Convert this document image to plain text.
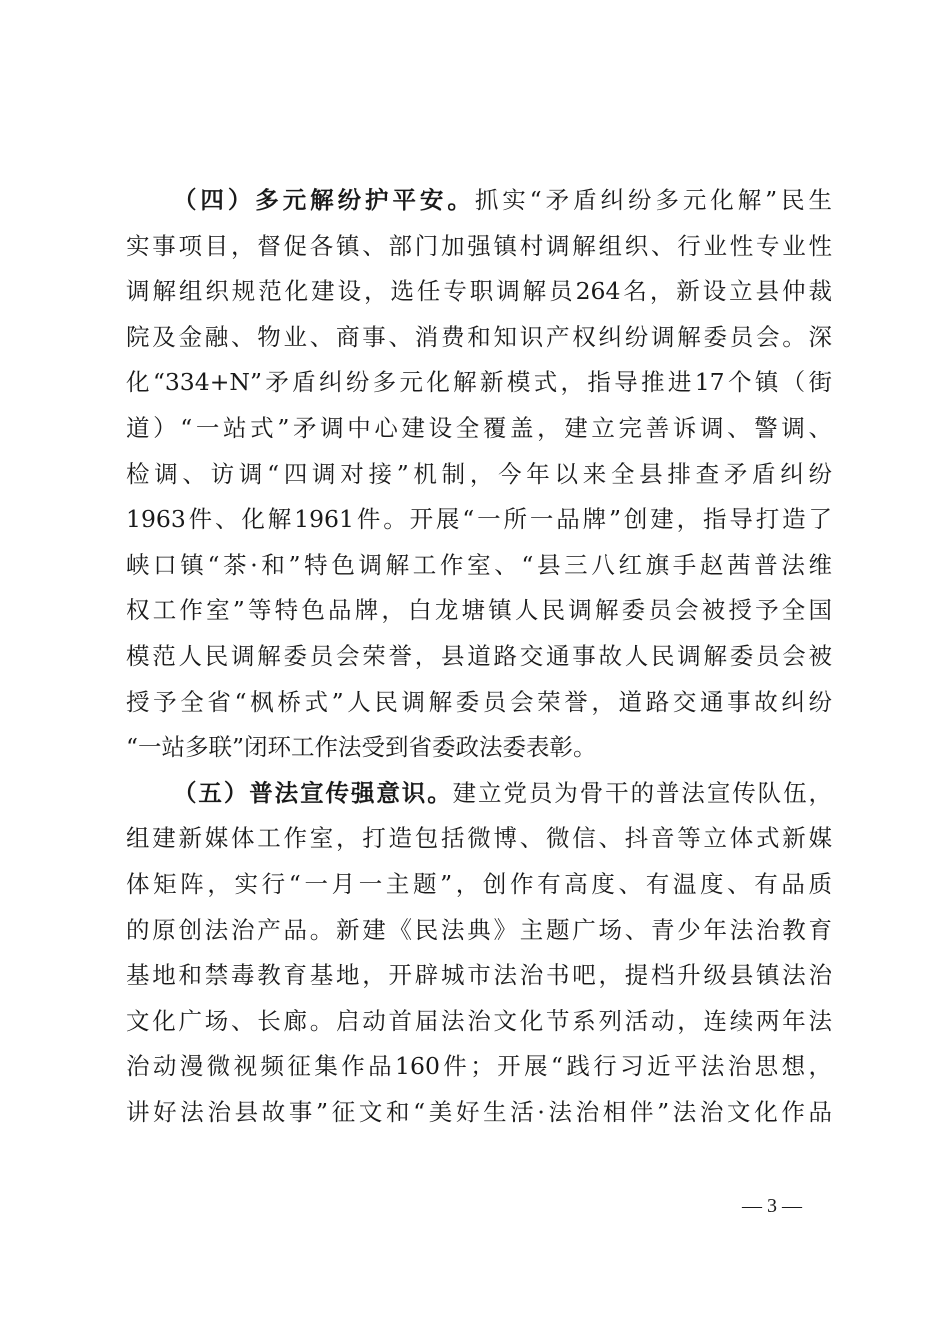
（四）多元解纷护平安。抓实“矛盾纠纷多元化解”民生
实事项目，督促各镇、部门加强镇村调解组织、行业性专业性
调解组织规范化建设，选任专职调解员264名，新设立县仲裁
院及金融、物业、商事、消费和知识产权纠纷调解委员会。深
化“334+N”矛盾纠纷多元化解新模式，指导推进17个镇（街
道）“一站式”矛调中心建设全覆盖，建立完善诉调、警调、
检调、访调“四调对接”机制，今年以来全县排查矛盾纠纷
1963件、化解1961件。开展“一所一品牌”创建，指导打造了
峡口镇“茶·和”特色调解工作室、“县三八红旗手赵茜普法维
权工作室”等特色品牌，白龙塘镇人民调解委员会被授予全国
模范人民调解委员会荣誉，县道路交通事故人民调解委员会被
授予全省“枫桥式”人民调解委员会荣誉，道路交通事故纠纷
“一站多联”闭环工作法受到省委政法委表彰。
（五）普法宣传强意识。建立党员为骨干的普法宣传队伍，
组建新媒体工作室，打造包括微博、微信、抖音等立体式新媒
体矩阵，实行“一月一主题”，创作有高度、有温度、有品质
的原创法治产品。新建《民法典》主题广场、青少年法治教育
基地和禁毒教育基地，开辟城市法治书吧，提档升级县镇法治
文化广场、长廊。启动首届法治文化节系列活动，连续两年法
治动漫微视频征集作品160件；开展“践行习近平法治思想，
讲好法治县故事”征文和“美好生活·法治相伴”法治文化作品
— 3 —
